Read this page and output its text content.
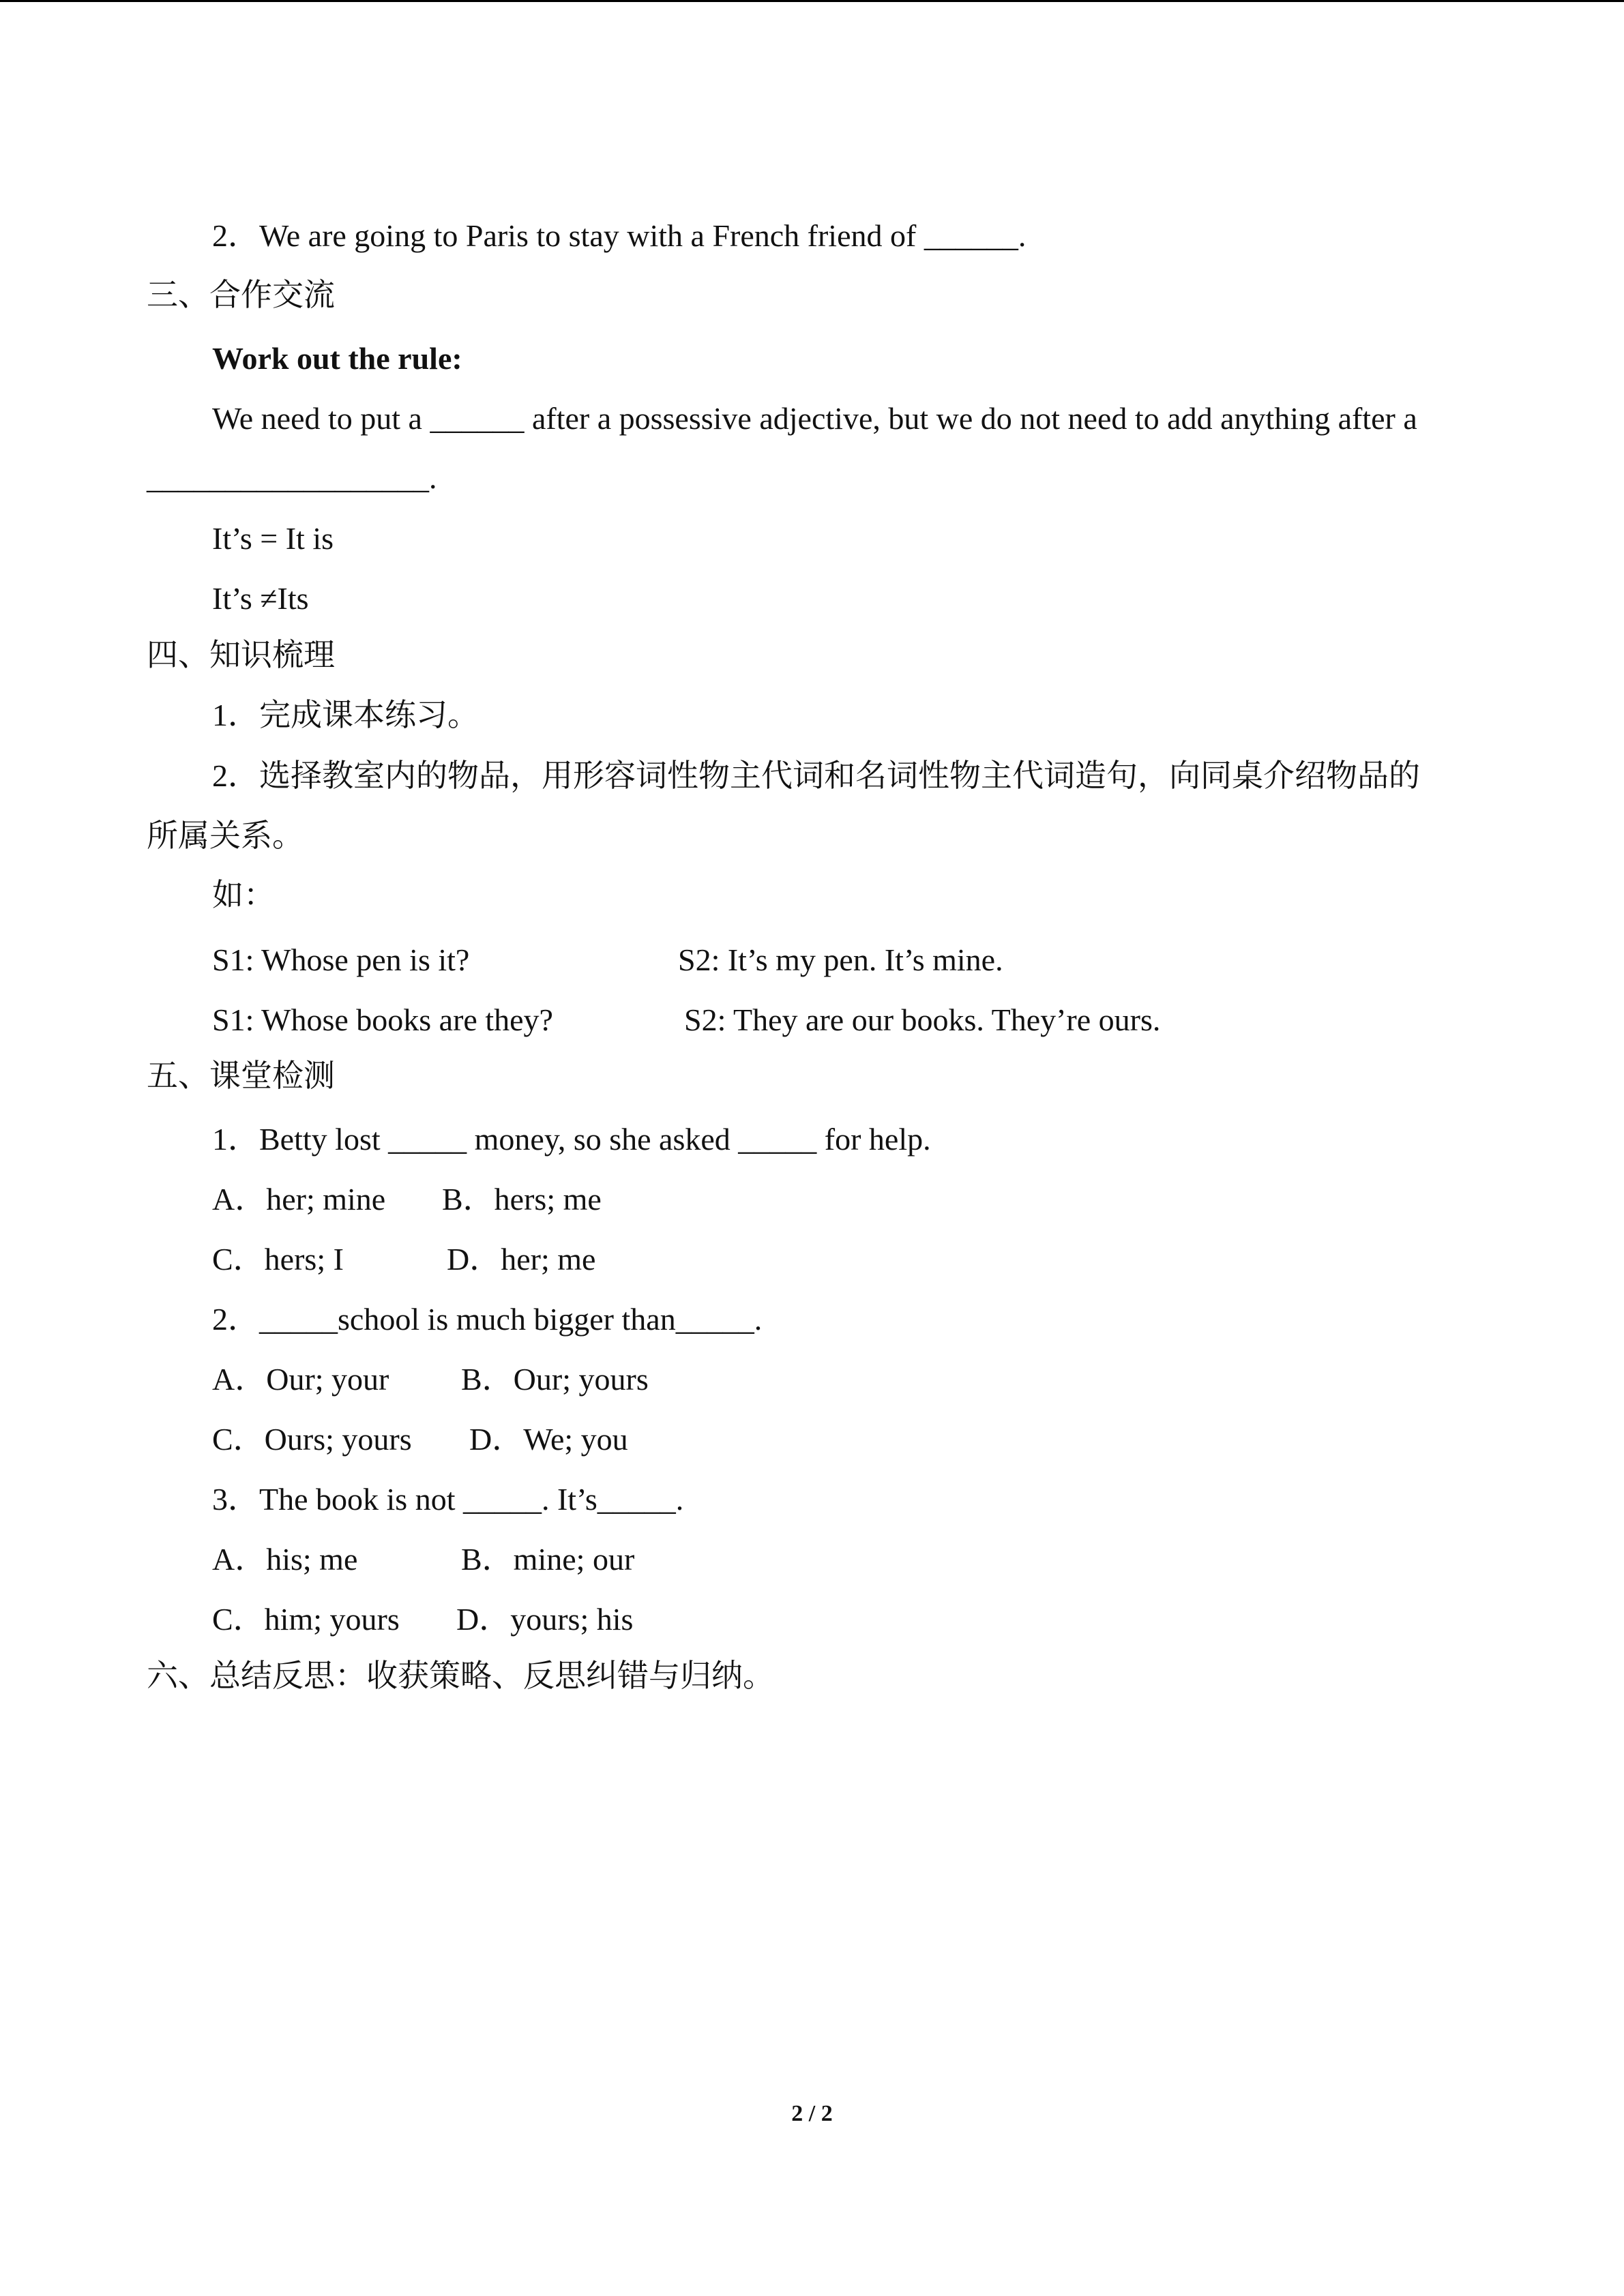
2．We are going to Paris to stay with a French friend of ______.
三、合作交流
Work out the rule:
We need to put a ______ after a possessive adjective, but we do not need to add anything after a
__________________.
It’s = It is
It’s ≠Its
四、知识梳理
1．完成课本练习。
2．选择教室内的物品，用形容词性物主代词和名词性物主代词造句，向同桌介绍物品的
所属关系。
如：
S1: Whose pen is it?	S2: It’s my pen. It’s mine.
S1: Whose books are they?	S2: They are our books. They’re ours.
五、课堂检测
1．Betty lost _____ money, so she asked _____ for help.
A．her; mine B．hers; me
C．hers; I	D．her; me
2．_____school is much bigger than_____.
A．Our; your B．Our; yours
C．Ours; yours D．We; you
3．The book is not _____. It’s_____.
A．his; me	B．mine; our
C．him; yours D．yours; his
六、总结反思：收获策略、反思纠错与归纳。
2 / 2
